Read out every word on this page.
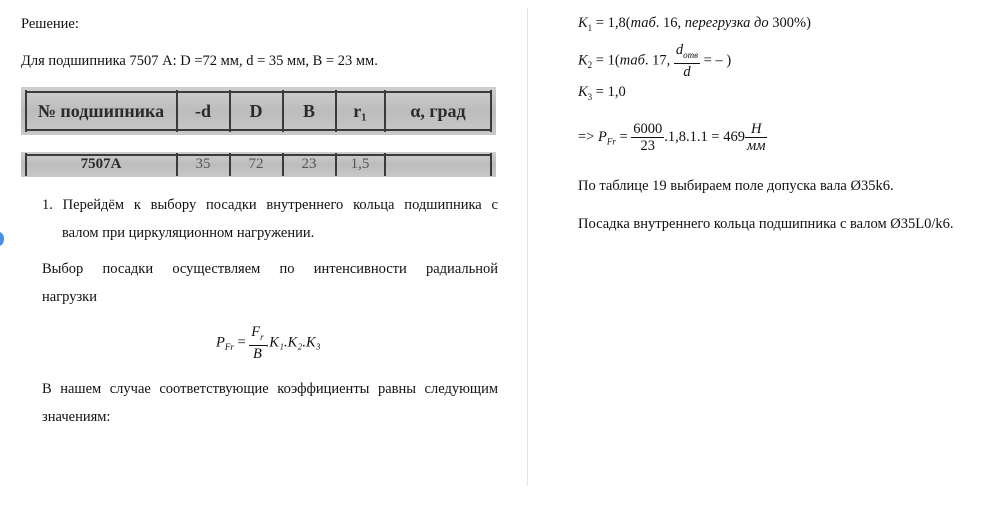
Решение:
Для подшипника 7507 А: D =72 мм, d = 35 мм, B = 23 мм.
№ подшипника	-d	D	B	r₁	α, град
7507А	35	72	23	1,5
1. Перейдём к выбору посадки внутреннего кольца подшипника с
валом при циркуляционном нагружении.
Выбор посадки осуществляем по интенсивности радиальной
нагрузки
$P_{Fr} = \frac{F_r}{B} .K_1.K_2.K_3$
В нашем случае соответствующие коэффициенты равны следующим
значениям:
$K_1 = 1,8(таб$. 16, перегрузка до 300%)
$K_2 = 1(таб$. 17, $\frac{d_{отв}}{d}$ = – )
$K_3 = 1,0$
=> $P_{Fr} = \frac{6000}{23} .1,8.1.1 = 469 \frac{Н}{мм}$
По таблице 19 выбираем поле допуска вала Ø35k6.
Посадка внутреннего кольца подшипника с валом Ø35L0/k6.
